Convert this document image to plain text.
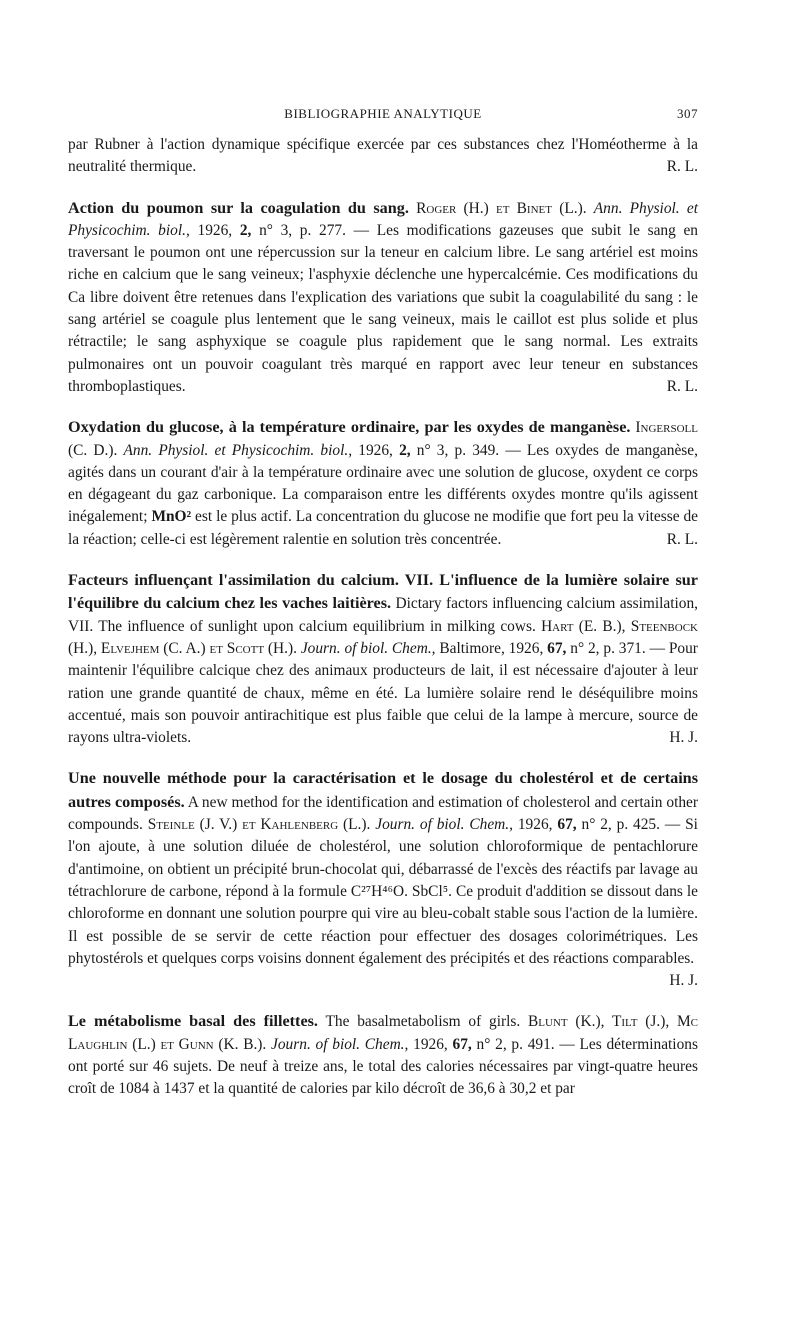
BIBLIOGRAPHIE ANALYTIQUE	307

par Rubner à l'action dynamique spécifique exercée par ces substances chez l'Homéotherme à la neutralité thermique.	R. L.

Action du poumon sur la coagulation du sang. Roger (H.) et Binet (L.). Ann. Physiol. et Physicochim. biol., 1926, 2, n° 3, p. 277. — Les modifications gazeuses que subit le sang en traversant le poumon ont une répercussion sur la teneur en calcium libre. Le sang artériel est moins riche en calcium que le sang veineux; l'asphyxie déclenche une hypercalcémie. Ces modifications du Ca libre doivent être retenues dans l'explication des variations que subit la coagulabilité du sang : le sang artériel se coagule plus lentement que le sang veineux, mais le caillot est plus solide et plus rétractile; le sang asphyxique se coagule plus rapidement que le sang normal. Les extraits pulmonaires ont un pouvoir coagulant très marqué en rapport avec leur teneur en substances thromboplastiques.	R. L.

Oxydation du glucose, à la température ordinaire, par les oxydes de manganèse. Ingersoll (C. D.). Ann. Physiol. et Physicochim. biol., 1926, 2, n° 3, p. 349. — Les oxydes de manganèse, agités dans un courant d'air à la température ordinaire avec une solution de glucose, oxydent ce corps en dégageant du gaz carbonique. La comparaison entre les différents oxydes montre qu'ils agissent inégalement; MnO² est le plus actif. La concentration du glucose ne modifie que fort peu la vitesse de la réaction; celle-ci est légèrement ralentie en solution très concentrée.	R. L.

Facteurs influençant l'assimilation du calcium. VII. L'influence de la lumière solaire sur l'équilibre du calcium chez les vaches laitières. Dictary factors influencing calcium assimilation, VII. The influence of sunlight upon calcium equilibrium in milking cows. Hart (E. B.), Steenbock (H.), Elvejhem (C. A.) et Scott (H.). Journ. of biol. Chem., Baltimore, 1926, 67, n° 2, p. 371. — Pour maintenir l'équilibre calcique chez des animaux producteurs de lait, il est nécessaire d'ajouter à leur ration une grande quantité de chaux, même en été. La lumière solaire rend le déséquilibre moins accentué, mais son pouvoir antirachitique est plus faible que celui de la lampe à mercure, source de rayons ultra-violets.	H. J.

Une nouvelle méthode pour la caractérisation et le dosage du cholestérol et de certains autres composés. A new method for the identification and estimation of cholesterol and certain other compounds. Steinle (J. V.) et Kahlenberg (L.). Journ. of biol. Chem., 1926, 67, n° 2, p. 425. — Si l'on ajoute, à une solution diluée de cholestérol, une solution chloroformique de pentachlorure d'antimoine, on obtient un précipité brun-chocolat qui, débarrassé de l'excès des réactifs par lavage au tétrachlorure de carbone, répond à la formule C²⁷H⁴⁶O. SbCl⁵. Ce produit d'addition se dissout dans le chloroforme en donnant une solution pourpre qui vire au bleu-cobalt stable sous l'action de la lumière. Il est possible de se servir de cette réaction pour effectuer des dosages colorimétriques. Les phytostérols et quelques corps voisins donnent également des précipités et des réactions comparables.

H. J.

Le métabolisme basal des fillettes. The basalmetabolism of girls. Blunt (K.), Tilt (J.), Mc Laughlin (L.) et Gunn (K. B.). Journ. of biol. Chem., 1926, 67, n° 2, p. 491. — Les déterminations ont porté sur 46 sujets. De neuf à treize ans, le total des calories nécessaires par vingt-quatre heures croît de 1084 à 1437 et la quantité de calories par kilo décroît de 36,6 à 30,2 et par
